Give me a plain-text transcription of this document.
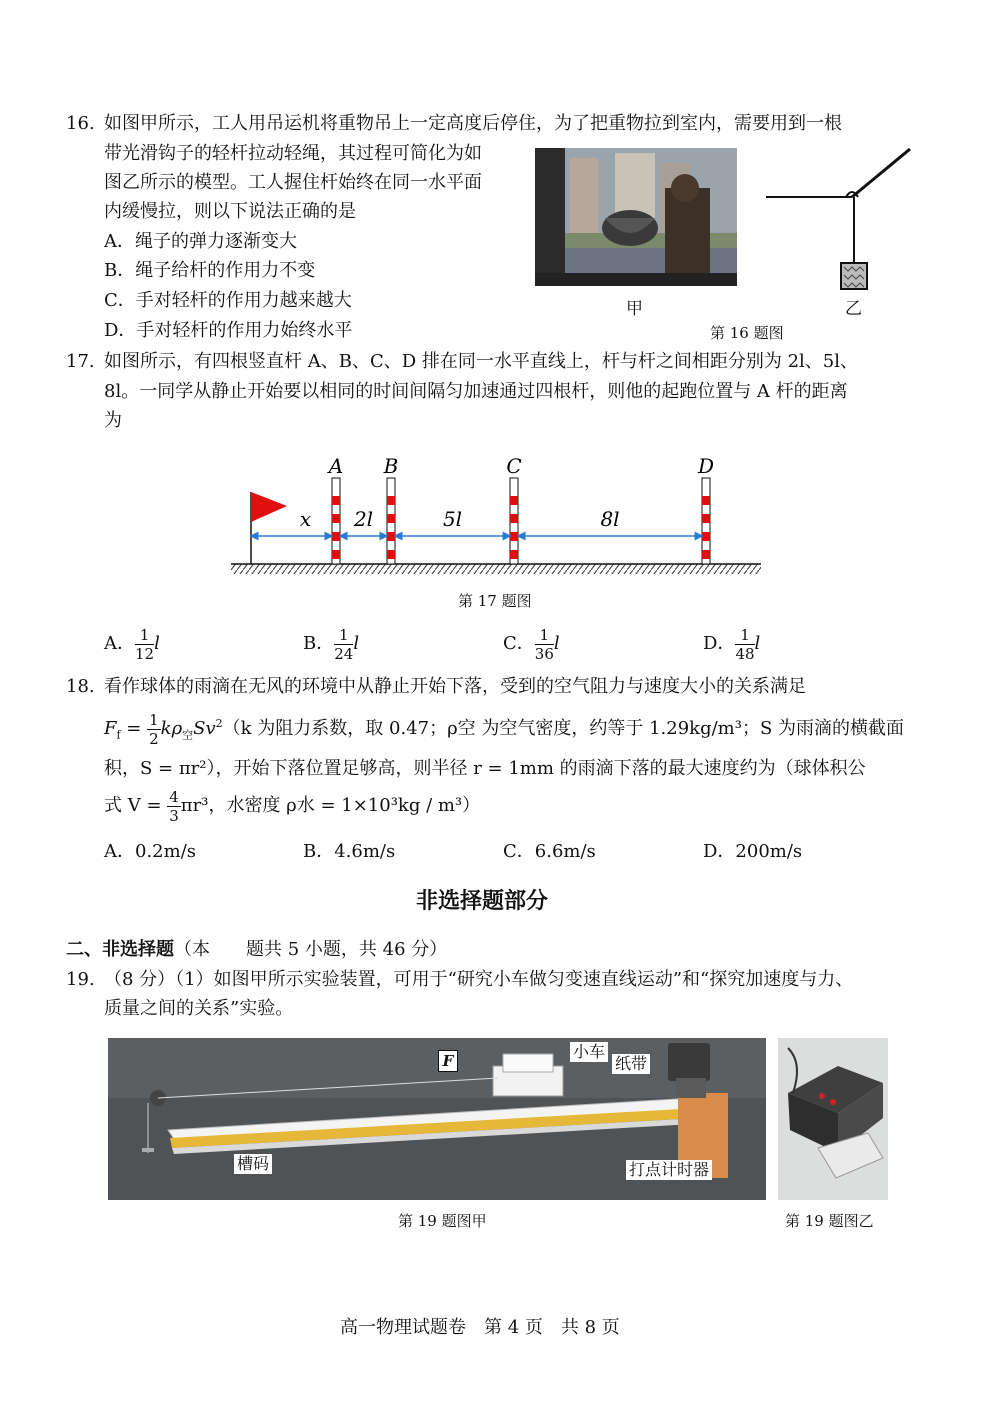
16. 如图甲所示，工人用吊运机将重物吊上一定高度后停住，为了把重物拉到室内，需要用到一根
带光滑钩子的轻杆拉动轻绳，其过程可简化为如
图乙所示的模型。工人握住杆始终在同一水平面
内缓慢拉，则以下说法正确的是
A．绳子的弹力逐渐变大
B．绳子给杆的作用力不变
C．手对轻杆的作用力越来越大
D．手对轻杆的作用力始终水平
甲	乙
第 16 题图
17. 如图所示，有四根竖直杆 A、B、C、D 排在同一水平直线上，杆与杆之间相距分别为 2l、5l、
8l。一同学从静止开始要以相同的时间间隔匀加速通过四根杆，则他的起跑位置与 A 杆的距离
为
A B	C	D
x 2l	5l	8l
第 17 题图
A． $\frac{1}{12}$ l	B． $\frac{1}{24}$ l	C． $\frac{1}{36}$ l	D． $\frac{1}{48}$ l
18. 看作球体的雨滴在无风的环境中从静止开始下落，受到的空气阻力与速度大小的关系满足
$F_f = \frac{1}{2} k\rho_空Sv^2(k$ 为阻力系数，取 0.47；ρ空 为空气密度，约等于 1.29kg/m³；S 为雨滴的横截面
积，S = πr²），开始下落位置足够高，则半径 r = 1mm 的雨滴下落的最大速度约为（球体积公
式 $V = \frac{4}{3} \pi r^3$，水密度 ρ水 = 1×10³kg / m³）
A．0.2m/s	B．4.6m/s	C．6.6m/s	D．200m/s
非选择题部分
二、非选择题（本　　题共 5 小题，共 46 分）
19. （8 分）（1）如图甲所示实验装置，可用于“研究小车做匀变速直线运动”和“探究加速度与力、
质量之间的关系”实验。
F	小车
纸带
槽码	打点计时器
第 19 题图甲	第 19 题图乙
高一物理试题卷　第 4 页　共 8 页
